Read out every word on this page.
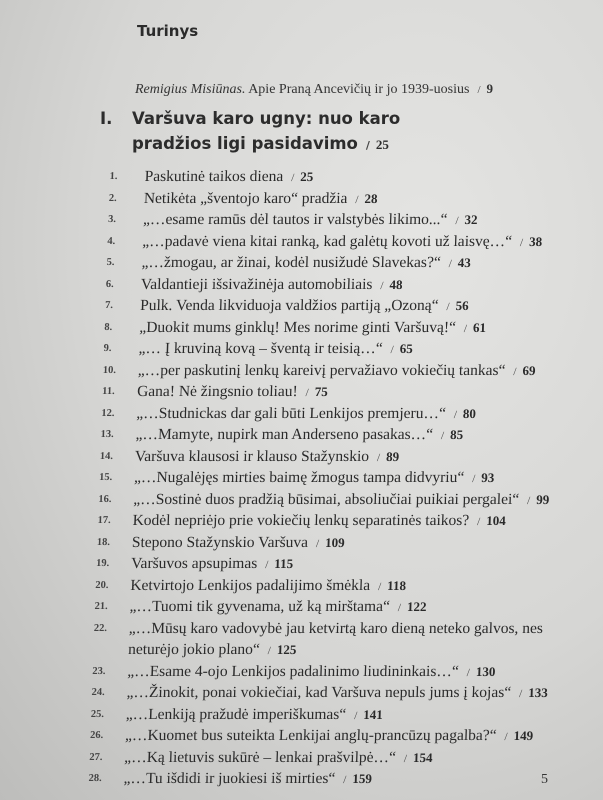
Turinys
Remigius Misiūnas. Apie Praną Ancevičių ir jo 1939-uosius / 9
I. Varšuva karo ugny: nuo karo pradžios ligi pasidavimo / 25
1.	Paskutinė taikos diena / 25
2.	Netikėta „šventojo karo“ pradžia / 28
3.	„…esame ramūs dėl tautos ir valstybės likimo...“ / 32
4.	„…padavė viena kitai ranką, kad galėtų kovoti už laisvę…“ / 38
5.	„…žmogau, ar žinai, kodėl nusižudė Slavekas?“ / 43
6.	Valdantieji išsivažinėja automobiliais / 48
7.	Pulk. Venda likviduoja valdžios partiją „Ozoną“ / 56
8.	„Duokit mums ginklų! Mes norime ginti Varšuvą!“ / 61
9.	„… Į kruviną kovą – šventą ir teisią…“ / 65
10.	„…per paskutinį lenkų kareivį pervažiavo vokiečių tankas“ / 69
11.	Gana! Nė žingsnio toliau! / 75
12.	„…Studnickas dar gali būti Lenkijos premjeru…“ / 80
13.	„…Mamyte, nupirk man Anderseno pasakas…“ / 85
14.	Varšuva klausosi ir klauso Stažynskio / 89
15.	„…Nugalėjęs mirties baimę žmogus tampa didvyriu“ / 93
16.	„…Sostinė duos pradžią būsimai, absoliučiai puikiai pergalei“ / 99
17.	Kodėl nepriėjo prie vokiečių lenkų separatinės taikos? / 104
18.	Stepono Stažynskio Varšuva / 109
19.	Varšuvos apsupimas / 115
20.	Ketvirtojo Lenkijos padalijimo šmėkla / 118
21.	„…Tuomi tik gyvenama, už ką mirštama“ / 122
22.	„…Mūsų karo vadovybė jau ketvirtą karo dieną neteko galvos, nes neturėjo jokio plano“ / 125
23.	„…Esame 4-ojo Lenkijos padalinimo liudininkais…“ / 130
24.	„…Žinokit, ponai vokiečiai, kad Varšuva nepuls jums į kojas“ / 133
25.	„…Lenkiją pražudė imperiškumas“ / 141
26.	„…Kuomet bus suteikta Lenkijai anglų-prancūzų pagalba?“ / 149
27.	„…Ką lietuvis sukūrė – lenkai prašvilpė…“ / 154
28.	„…Tu išdidi ir juokiesi iš mirties“ / 159	5
